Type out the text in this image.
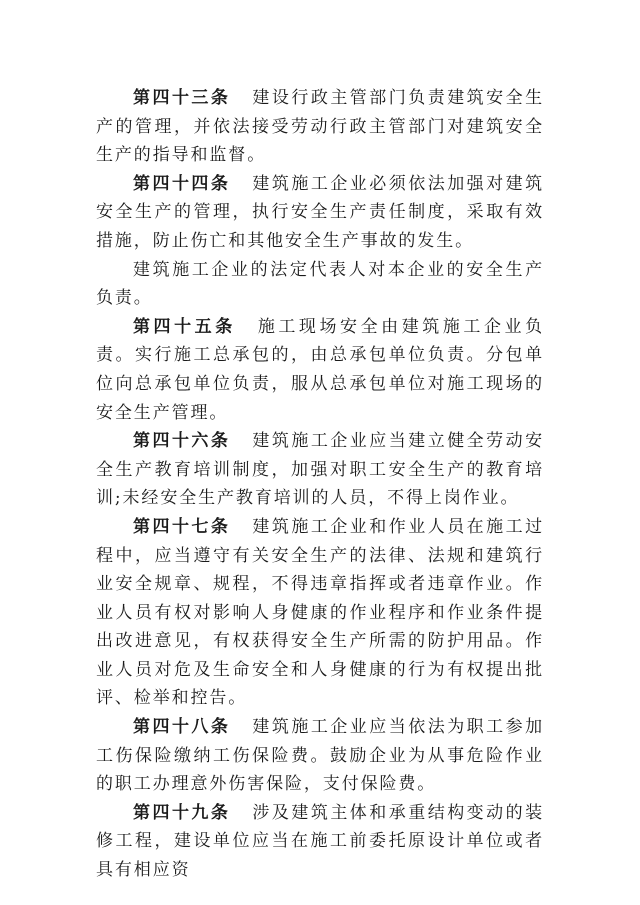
第四十三条 建设行政主管部门负责建筑安全生产的管理，并依法接受劳动行政主管部门对建筑安全生产的指导和监督。

第四十四条 建筑施工企业必须依法加强对建筑安全生产的管理，执行安全生产责任制度，采取有效措施，防止伤亡和其他安全生产事故的发生。

建筑施工企业的法定代表人对本企业的安全生产负责。

第四十五条 施工现场安全由建筑施工企业负责。实行施工总承包的，由总承包单位负责。分包单位向总承包单位负责，服从总承包单位对施工现场的安全生产管理。

第四十六条 建筑施工企业应当建立健全劳动安全生产教育培训制度，加强对职工安全生产的教育培训;未经安全生产教育培训的人员，不得上岗作业。

第四十七条 建筑施工企业和作业人员在施工过程中，应当遵守有关安全生产的法律、法规和建筑行业安全规章、规程，不得违章指挥或者违章作业。作业人员有权对影响人身健康的作业程序和作业条件提出改进意见，有权获得安全生产所需的防护用品。作业人员对危及生命安全和人身健康的行为有权提出批评、检举和控告。

第四十八条 建筑施工企业应当依法为职工参加工伤保险缴纳工伤保险费。鼓励企业为从事危险作业的职工办理意外伤害保险，支付保险费。

第四十九条 涉及建筑主体和承重结构变动的装修工程，建设单位应当在施工前委托原设计单位或者具有相应资
